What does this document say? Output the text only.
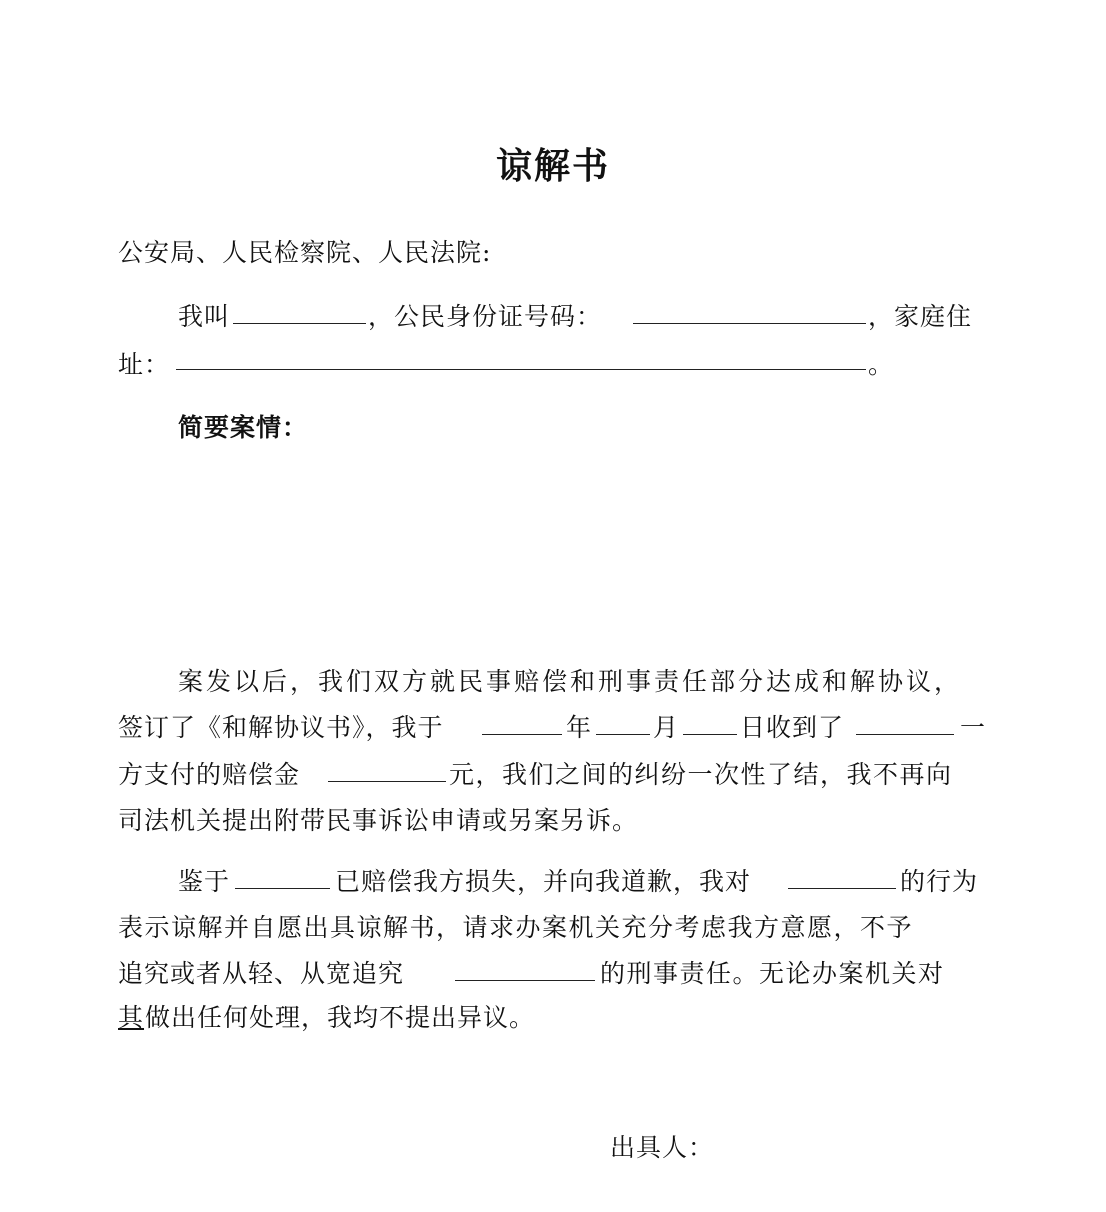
谅解书
公安局、人民检察院、人民法院:
我叫	，公民身份证号码：	，家庭住
址：	。
简要案情：
案发以后，我们双方就民事赔偿和刑事责任部分达成和解协议，
签订了《和解协议书》，我于	年 月 日收到了	一
方支付的赔偿金	元，我们之间的纠纷一次性了结，我不再向
司法机关提出附带民事诉讼申请或另案另诉。
鉴于	已赔偿我方损失，并向我道歉，我对	的行为
表示谅解并自愿出具谅解书，请求办案机关充分考虑我方意愿，不予
追究或者从轻、从宽追究	的刑事责任。无论办案机关对
其 做出任何处理，我均不提出异议。
出具人：
